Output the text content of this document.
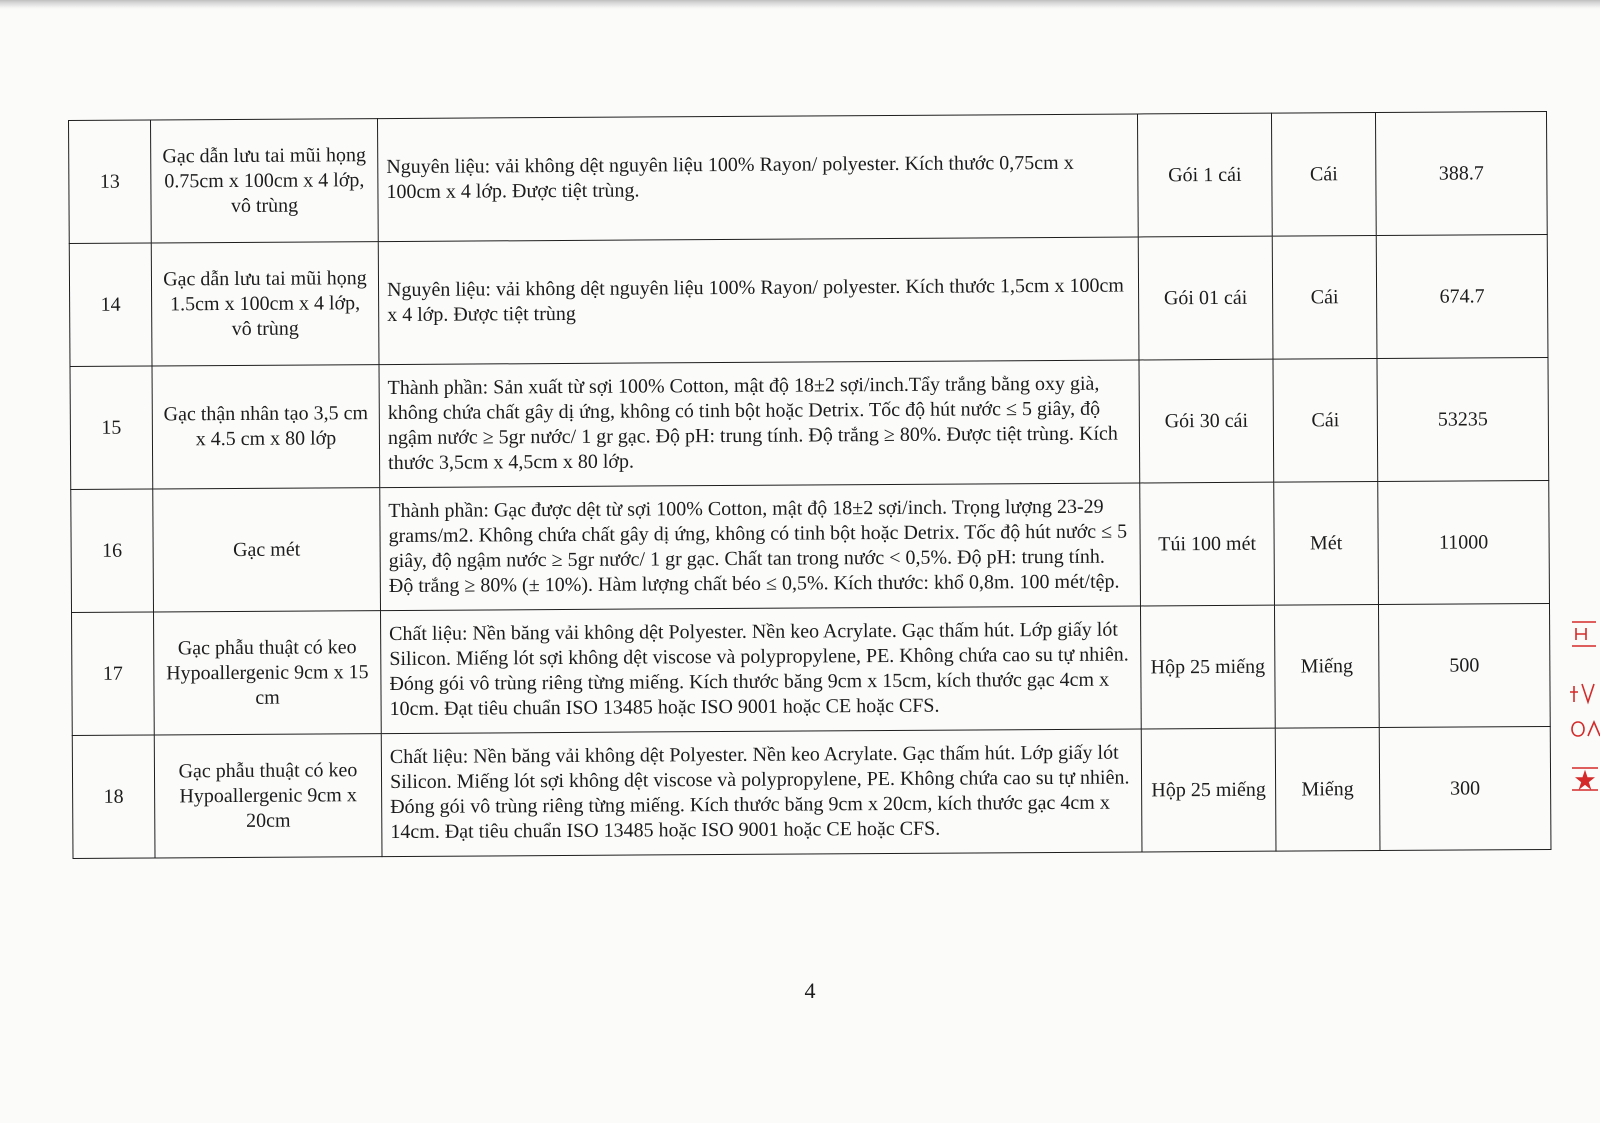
13	Gạc dẫn lưu tai mũi họng 0.75cm x 100cm x 4 lớp, vô trùng	Nguyên liệu: vải không dệt nguyên liệu 100% Rayon/ polyester. Kích thước 0,75cm x 100cm x 4 lớp. Được tiệt trùng.	Gói 1 cái	Cái	388.7
14	Gạc dẫn lưu tai mũi họng 1.5cm x 100cm x 4 lớp, vô trùng	Nguyên liệu: vải không dệt nguyên liệu 100% Rayon/ polyester. Kích thước 1,5cm x 100cm x 4 lớp. Được tiệt trùng	Gói 01 cái	Cái	674.7
15	Gạc thận nhân tạo 3,5 cm x 4.5 cm x 80 lớp	Thành phần: Sản xuất từ sợi 100% Cotton, mật độ 18±2 sợi/inch.Tẩy trắng bằng oxy già, không chứa chất gây dị ứng, không có tinh bột hoặc Detrix. Tốc độ hút nước ≤ 5 giây, độ ngậm nước ≥ 5gr nước/ 1 gr gạc. Độ pH: trung tính. Độ trắng ≥ 80%. Được tiệt trùng. Kích thước 3,5cm x 4,5cm x 80 lớp.	Gói 30 cái	Cái	53235
16	Gạc mét	Thành phần: Gạc được dệt từ sợi 100% Cotton, mật độ 18±2 sợi/inch. Trọng lượng 23-29 grams/m2. Không chứa chất gây dị ứng, không có tinh bột hoặc Detrix. Tốc độ hút nước ≤ 5 giây, độ ngậm nước ≥ 5gr nước/ 1 gr gạc. Chất tan trong nước < 0,5%. Độ pH: trung tính. Độ trắng ≥ 80% (± 10%). Hàm lượng chất béo ≤ 0,5%. Kích thước: khổ 0,8m. 100 mét/tệp.	Túi 100 mét	Mét	11000
17	Gạc phẫu thuật có keo Hypoallergenic 9cm x 15 cm	Chất liệu: Nền băng vải không dệt Polyester. Nền keo Acrylate. Gạc thấm hút. Lớp giấy lót Silicon. Miếng lót sợi không dệt viscose và polypropylene, PE. Không chứa cao su tự nhiên. Đóng gói vô trùng riêng từng miếng. Kích thước băng 9cm x 15cm, kích thước gạc 4cm x 10cm. Đạt tiêu chuẩn ISO 13485 hoặc ISO 9001 hoặc CE hoặc CFS.	Hộp 25 miếng	Miếng	500
18	Gạc phẫu thuật có keo Hypoallergenic 9cm x 20cm	Chất liệu: Nền băng vải không dệt Polyester. Nền keo Acrylate. Gạc thấm hút. Lớp giấy lót Silicon. Miếng lót sợi không dệt viscose và polypropylene, PE. Không chứa cao su tự nhiên. Đóng gói vô trùng riêng từng miếng. Kích thước băng 9cm x 20cm, kích thước gạc 4cm x 14cm. Đạt tiêu chuẩn ISO 13485 hoặc ISO 9001 hoặc CE hoặc CFS.	Hộp 25 miếng	Miếng	300
4
